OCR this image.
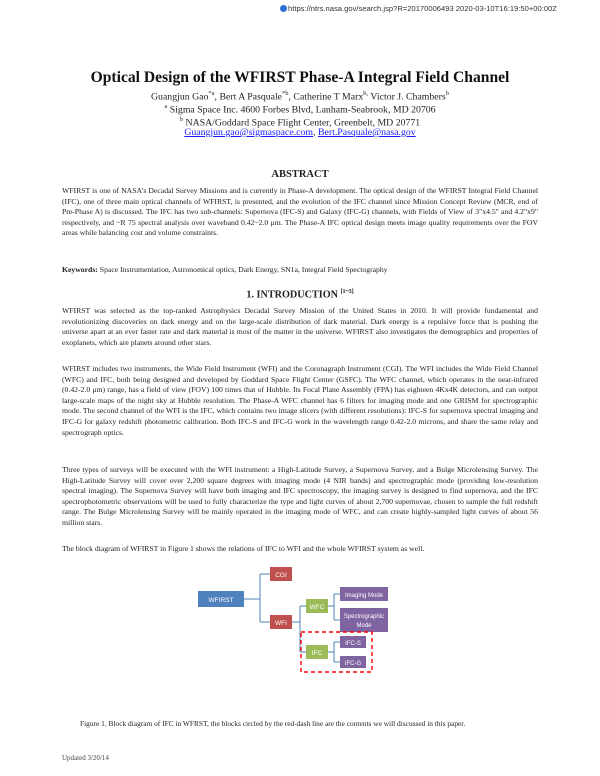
https://ntrs.nasa.gov/search.jsp?R=20170006493 2020-03-10T16:19:50+00:00Z
Optical Design of the WFIRST Phase-A Integral Field Channel
Guangjun Gao$^{*a}$, Bert A Pasquale$^{*b}$, Catherine T Marx$^{b,}$ Victor J. Chambers$^b$
$^a$ Sigma Space Inc. 4600 Forbes Blvd, Lanham-Seabrook, MD 20706
$^b$ NASA/Goddard Space Flight Center, Greenbelt, MD 20771
Guangjun.gao@sigmaspace.com, Bert.Pasquale@nasa.gov
ABSTRACT

WFIRST is one of NASA’s Decadal Survey Missions and is currently in Phase-A development. The optical design of the WFIRST Integral Field Channel (IFC), one of three main optical channels of WFIRST, is presented, and the evolution of the IFC channel since Mission Concept Review (MCR, end of Pre-Phase A) is discussed. The IFC has two sub-channels: Supernova (IFC-S) and Galaxy (IFC-G) channels, with Fields of View of 3"x4.5" and 4.2"x9" respectively, and ~R 75 spectral analysis over waveband 0.42~2.0 μm. The Phase-A IFC optical design meets image quality requirements over the FOV areas while balancing cost and volume constraints.

Keywords: Space Instrumentation, Astronomical optics, Dark Energy, SN1a, Integral Field Spectography

1. INTRODUCTION [1~3]

WFIRST was selected as the top-ranked Astrophysics Decadal Survey Mission of the United States in 2010. It will provide fundamental and revolutionizing discoveries on dark energy and on the large-scale distribution of dark material. Dark energy is a repulsive force that is pushing the universe apart at an ever faster rate and dark material is most of the matter in the universe. WFIRST also investigates the demographics and properties of exoplanets, which are planets around other stars.

WFIRST includes two instruments, the Wide Field Instrument (WFI) and the Coronagraph Instrument (CGI). The WFI includes the Wide Field Channel (WFC) and IFC, both being designed and developed by Goddard Space Flight Center (GSFC). The WFC channel, which operates in the near-infrared (0.42-2.0 μm) range, has a field of view (FOV) 100 times that of Hubble. Its Focal Plane Assembly (FPA) has eighteen 4Kx4K detectors, and can output large-scale maps of the night sky at Hubble resolution. The Phase-A WFC channel has 6 filters for imaging mode and one GRISM for spectrographic mode. The second channel of the WFI is the IFC, which contains two image slicers (with different resolutions): IFC-S for supernova spectral imaging and IFC-G for galaxy redshift photometric calibration. Both IFC-S and IFC-G work in the wavelength range 0.42-2.0 microns, and share the same relay and spectrograph optics.

Three types of surveys will be executed with the WFI instrument: a High-Latitude Survey, a Supernova Survey, and a Bulge Microlensing Survey. The High-Latitude Survey will cover over 2,200 square degrees with imaging mode (4 NIR bands) and spectrographic mode (providing low-resolution spectral imaging). The Supernova Survey will have both imaging and IFC spectroscopy, the imaging survey is designed to find supernova, and the IFC spectrophotometric observations will be used to fully characterize the type and light curves of about 2,700 supernovae, chosen to sample the full redshift range. The Bulge Microlensing Survey will be mainly operated in the imaging mode of WFC, and can create highly-sampled light curves of about 56 million stars.

The block diagram of WFIRST in Figure 1 shows the relations of IFC to WFI and the whole WFIRST system as well.

WFIRST
CGI
WFI
WFC
IFC
Imaging Mode
Spectrographic
Mode
IFC-S
IFC-G

Figure 1. Block diagram of IFC in WFRST, the blocks circled by the red-dash line are the contents we will discussed in this paper.

Updated 3/20/14
